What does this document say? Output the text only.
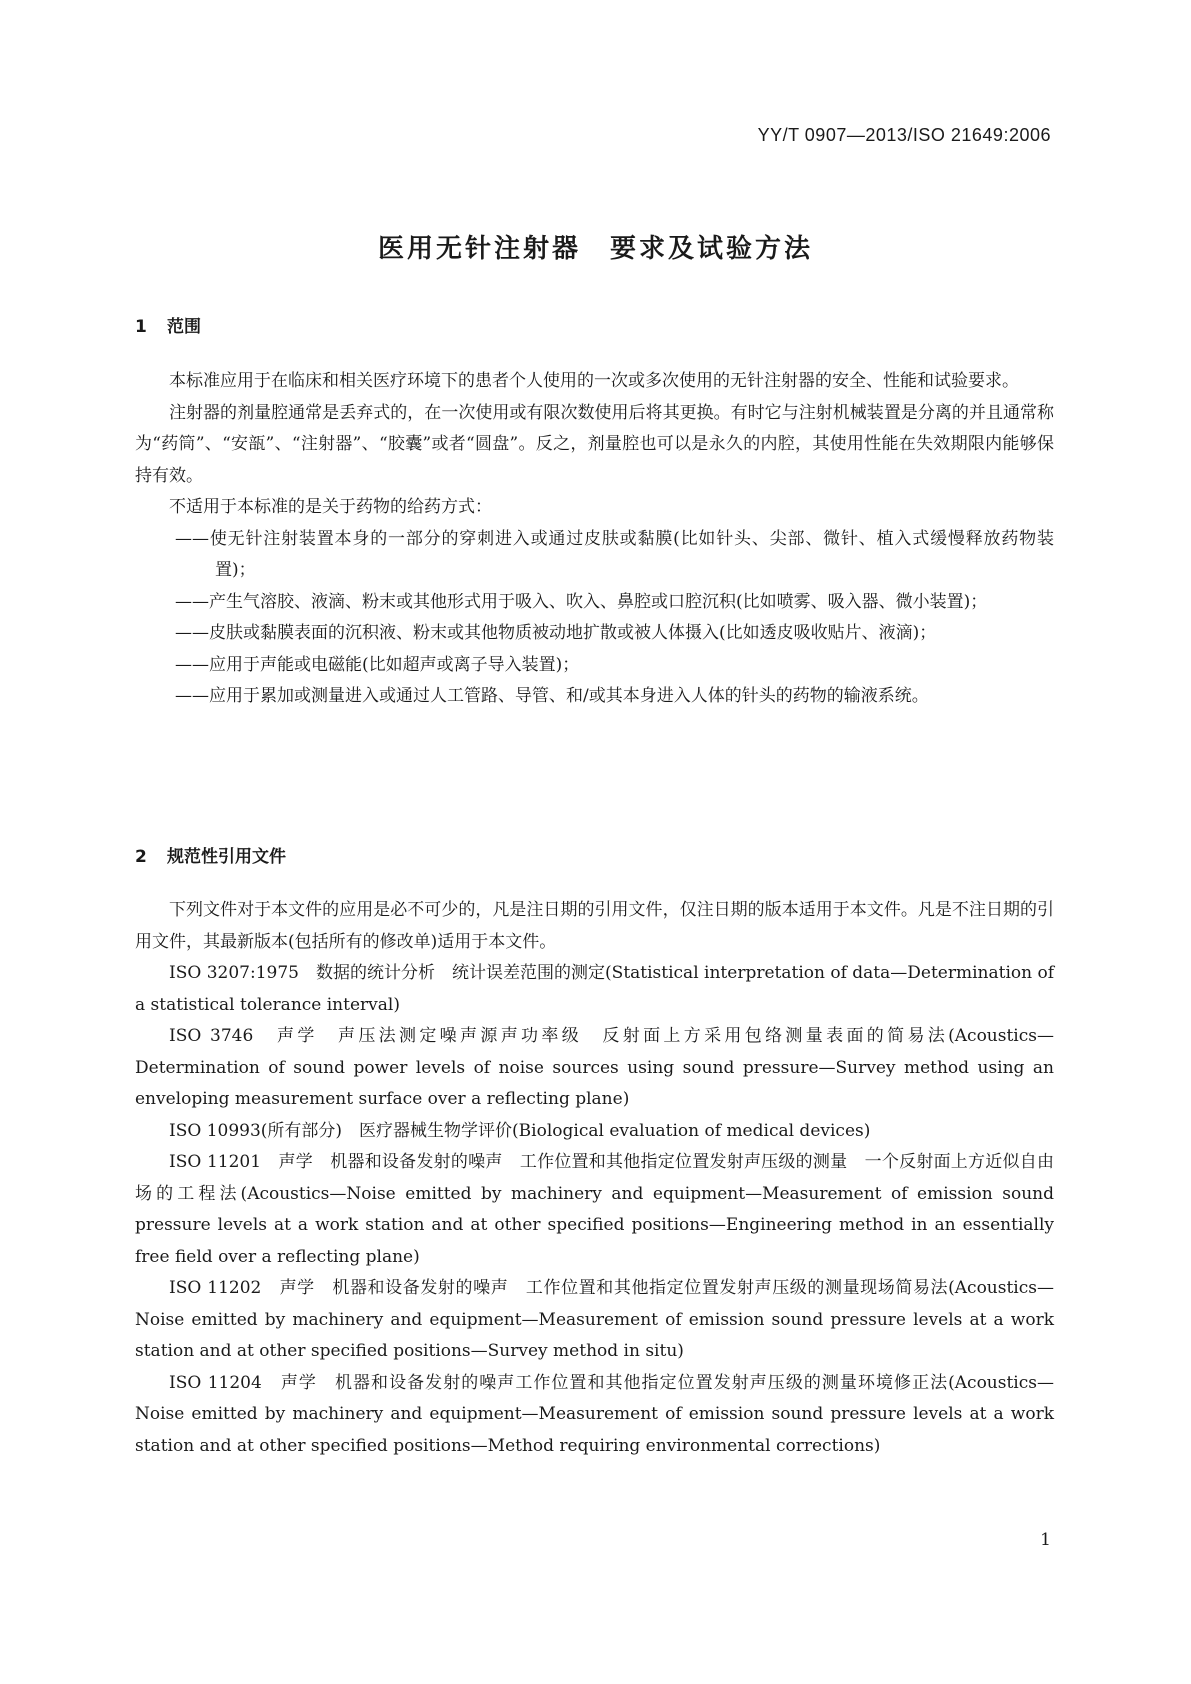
YY/T 0907—2013/ISO 21649:2006
医用无针注射器　要求及试验方法
1 范围

本标准应用于在临床和相关医疗环境下的患者个人使用的一次或多次使用的无针注射器的安全、性能和试验要求。

注射器的剂量腔通常是丢弃式的，在一次使用或有限次数使用后将其更换。有时它与注射机械装置是分离的并且通常称为“药筒”、“安瓿”、“注射器”、“胶囊”或者“圆盘”。反之，剂量腔也可以是永久的内腔，其使用性能在失效期限内能够保持有效。

不适用于本标准的是关于药物的给药方式：

——使无针注射装置本身的一部分的穿刺进入或通过皮肤或黏膜(比如针头、尖部、微针、植入式缓慢释放药物装置)；
——产生气溶胶、液滴、粉末或其他形式用于吸入、吹入、鼻腔或口腔沉积(比如喷雾、吸入器、微小装置)；
——皮肤或黏膜表面的沉积液、粉末或其他物质被动地扩散或被人体摄入(比如透皮吸收贴片、液滴)；
——应用于声能或电磁能(比如超声或离子导入装置)；
——应用于累加或测量进入或通过人工管路、导管、和/或其本身进入人体的针头的药物的输液系统。
2 规范性引用文件

下列文件对于本文件的应用是必不可少的，凡是注日期的引用文件，仅注日期的版本适用于本文件。凡是不注日期的引用文件，其最新版本(包括所有的修改单)适用于本文件。

ISO 3207:1975　数据的统计分析　统计误差范围的测定(Statistical interpretation of data—Determination of a statistical tolerance interval)
ISO 3746　声学　声压法测定噪声源声功率级　反射面上方采用包络测量表面的简易法(Acoustics—Determination of sound power levels of noise sources using sound pressure—Survey method using an enveloping measurement surface over a reflecting plane)
ISO 10993(所有部分)　医疗器械生物学评价(Biological evaluation of medical devices)
ISO 11201　声学　机器和设备发射的噪声　工作位置和其他指定位置发射声压级的测量　一个反射面上方近似自由场的工程法(Acoustics—Noise emitted by machinery and equipment—Measurement of emission sound pressure levels at a work station and at other specified positions—Engineering method in an essentially free field over a reflecting plane)
ISO 11202　声学　机器和设备发射的噪声　工作位置和其他指定位置发射声压级的测量现场简易法(Acoustics—Noise emitted by machinery and equipment—Measurement of emission sound pressure levels at a work station and at other specified positions—Survey method in situ)
ISO 11204　声学　机器和设备发射的噪声工作位置和其他指定位置发射声压级的测量环境修正法(Acoustics—Noise emitted by machinery and equipment—Measurement of emission sound pressure levels at a work station and at other specified positions—Method requiring environmental corrections)
1
